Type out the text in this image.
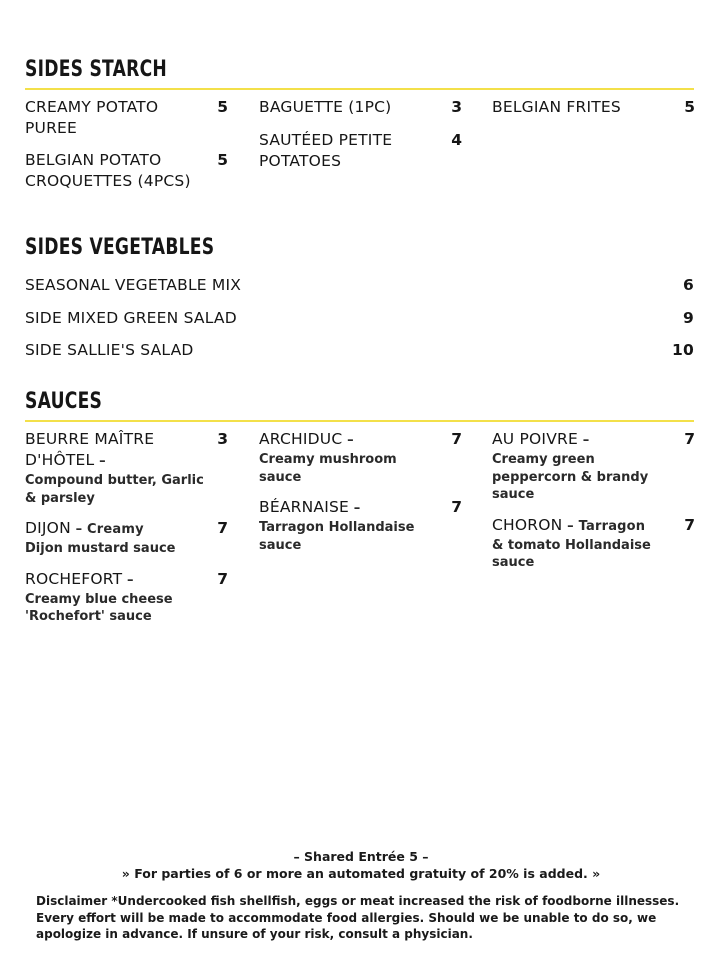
SIDES STARCH
CREAMY POTATO PUREE
5
BELGIAN POTATO CROQUETTES (4PCS)
5
BAGUETTE (1PC)	3
SAUTÉED PETITE POTATOES
4
BELGIAN FRITES	5
SIDES VEGETABLES
SEASONAL VEGETABLE MIX	6
SIDE MIXED GREEN SALAD	9
SIDE SALLIE'S SALAD	10
SAUCES
BEURRE MAÎTRE D'HÔTEL –
Compound butter, Garlic & parsley
3
DIJON – Creamy
Dijon mustard sauce
7
ROCHEFORT –
Creamy blue cheese 'Rochefort' sauce
7
ARCHIDUC –
Creamy mushroom sauce
7
BÉARNAISE –
Tarragon Hollandaise sauce
7
AU POIVRE –
Creamy green peppercorn & brandy sauce
7
CHORON – Tarragon
& tomato Hollandaise sauce
7
– Shared Entrée 5 –
» For parties of 6 or more an automated gratuity of 20% is added. »
Disclaimer *Undercooked fish shellfish, eggs or meat increased the risk of foodborne illnesses. Every effort will be made to accommodate food allergies. Should we be unable to do so, we apologize in advance. If unsure of your risk, consult a physician.
